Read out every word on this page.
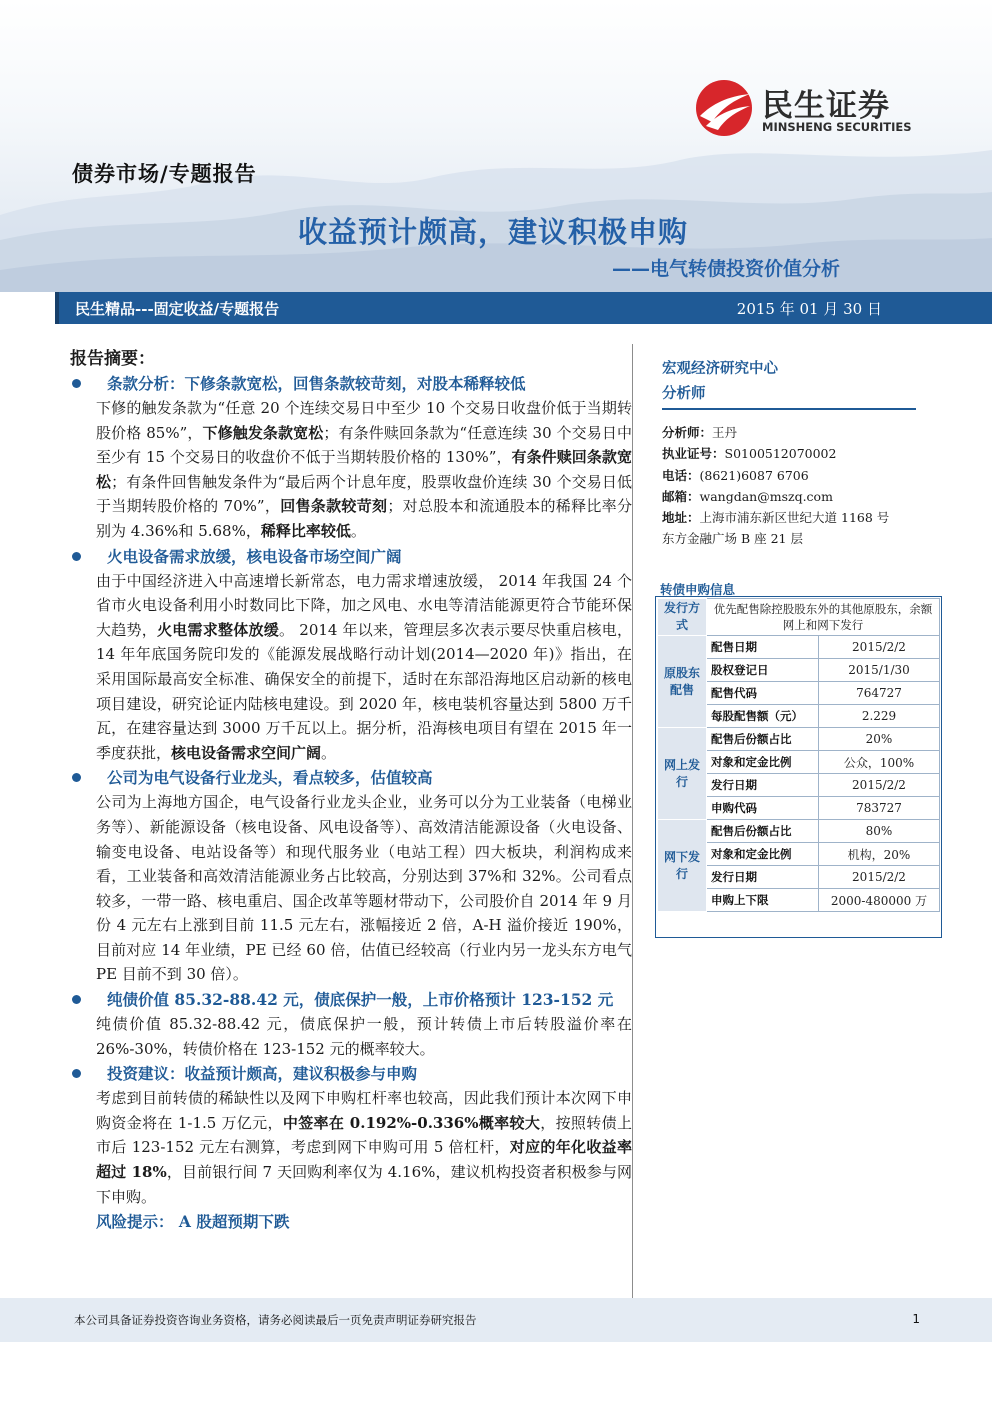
民生证券
MINSHENG SECURITIES
债券市场/专题报告
收益预计颇高，建议积极申购
——电气转债投资价值分析
民生精品---固定收益/专题报告	2015 年 01 月 30 日
报告摘要：
条款分析：下修条款宽松，回售条款较苛刻，对股本稀释较低
下修的触发条款为“任意 20 个连续交易日中至少 10 个交易日收盘价低于当期转股价格 85%”，下修触发条款宽松；有条件赎回条款为“任意连续 30 个交易日中至少有 15 个交易日的收盘价不低于当期转股价格的 130%”，有条件赎回条款宽松；有条件回售触发条件为“最后两个计息年度，股票收盘价连续 30 个交易日低于当期转股价格的 70%”，回售条款较苛刻；对总股本和流通股本的稀释比率分别为 4.36%和 5.68%，稀释比率较低。
火电设备需求放缓，核电设备市场空间广阔
由于中国经济进入中高速增长新常态，电力需求增速放缓， 2014 年我国 24 个省市火电设备利用小时数同比下降，加之风电、水电等清洁能源更符合节能环保大趋势，火电需求整体放缓。 2014 年以来，管理层多次表示要尽快重启核电，14 年年底国务院印发的《能源发展战略行动计划(2014—2020 年)》指出，在采用国际最高安全标准、确保安全的前提下，适时在东部沿海地区启动新的核电项目建设，研究论证内陆核电建设。到 2020 年，核电装机容量达到 5800 万千瓦，在建容量达到 3000 万千瓦以上。据分析，沿海核电项目有望在 2015 年一季度获批，核电设备需求空间广阔。
公司为电气设备行业龙头，看点较多，估值较高
公司为上海地方国企，电气设备行业龙头企业，业务可以分为工业装备（电梯业务等）、新能源设备（核电设备、风电设备等）、高效清洁能源设备（火电设备、输变电设备、电站设备等）和现代服务业（电站工程）四大板块，利润构成来看，工业装备和高效清洁能源业务占比较高，分别达到 37%和 32%。公司看点较多，一带一路、核电重启、国企改革等题材带动下，公司股价自 2014 年 9 月份 4 元左右上涨到目前 11.5 元左右，涨幅接近 2 倍，A-H 溢价接近 190%，目前对应 14 年业绩，PE 已经 60 倍，估值已经较高（行业内另一龙头东方电气 PE 目前不到 30 倍）。
纯债价值 85.32-88.42 元，债底保护一般，上市价格预计 123-152 元
纯债价值 85.32-88.42 元，债底保护一般，预计转债上市后转股溢价率在 26%-30%，转债价格在 123-152 元的概率较大。
投资建议：收益预计颇高，建议积极参与申购
考虑到目前转债的稀缺性以及网下申购杠杆率也较高，因此我们预计本次网下申购资金将在 1-1.5 万亿元，中签率在 0.192%-0.336%概率较大，按照转债上市后 123-152 元左右测算，考虑到网下申购可用 5 倍杠杆，对应的年化收益率超过 18%，目前银行间 7 天回购利率仅为 4.16%，建议机构投资者积极参与网下申购。
风险提示： A 股超预期下跌
宏观经济研究中心
分析师
分析师：王丹
执业证号：S0100512070002
电话：(8621)6087 6706
邮箱：wangdan@mszq.com
地址：上海市浦东新区世纪大道 1168 号
东方金融广场 B 座 21 层
转债申购信息
发行方式	优先配售除控股股东外的其他原股东，余额网上和网下发行	
原股东配售	配售日期	2015/2/2
	股权登记日	2015/1/30
	配售代码	764727
	每股配售额（元）	2.229
网上发行	配售后份额占比	20%
	对象和定金比例	公众，100%
	发行日期	2015/2/2
	申购代码	783727
网下发行	配售后份额占比	80%
	对象和定金比例	机构，20%
	发行日期	2015/2/2
	申购上下限	2000-480000 万
本公司具备证券投资咨询业务资格，请务必阅读最后一页免责声明证券研究报告	1
